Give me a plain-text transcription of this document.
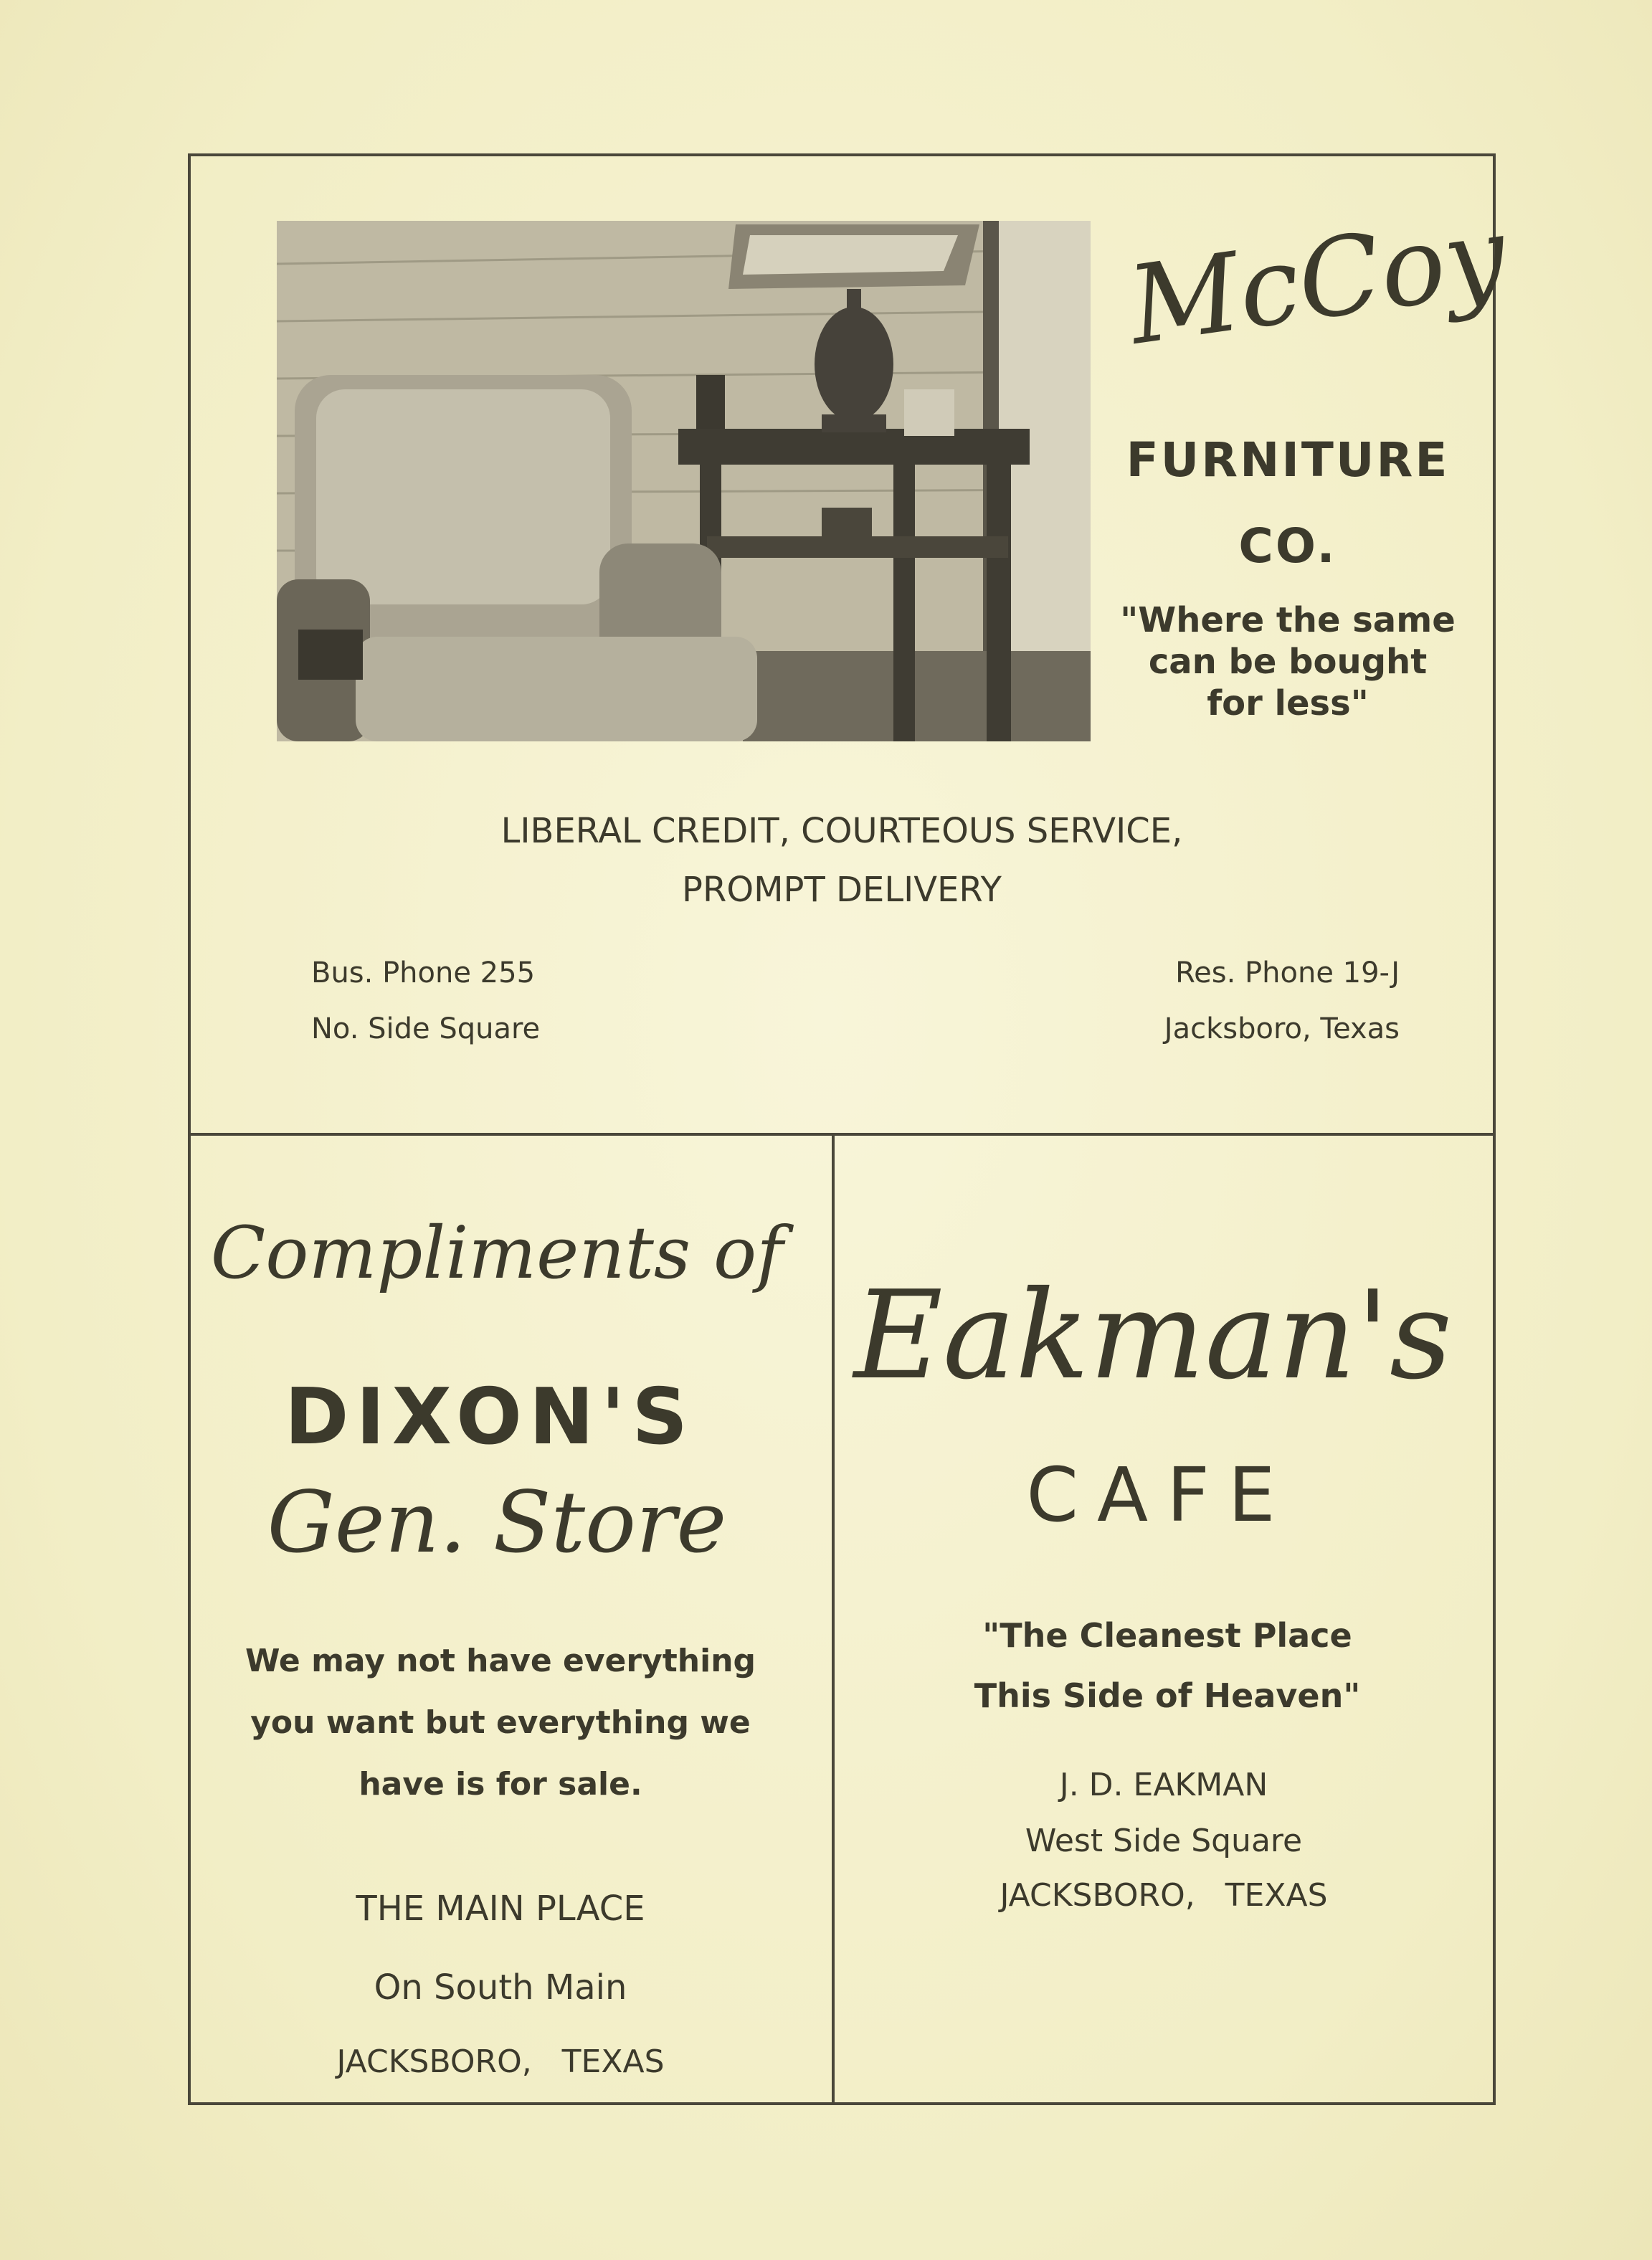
McCoy
FURNITURE
CO.
"Where the same
can be bought
for less"
LIBERAL CREDIT, COURTEOUS SERVICE,
PROMPT DELIVERY
Bus. Phone 255
No. Side Square
Res. Phone 19-J
Jacksboro, Texas
Compliments of
DIXON'S
Gen. Store
We may not have everything
you want but everything we
have is for sale.
THE MAIN PLACE
On South Main
JACKSBORO,   TEXAS
Eakman's
CAFE
"The Cleanest Place
This Side of Heaven"
J. D. EAKMAN
West Side Square
JACKSBORO,   TEXAS
